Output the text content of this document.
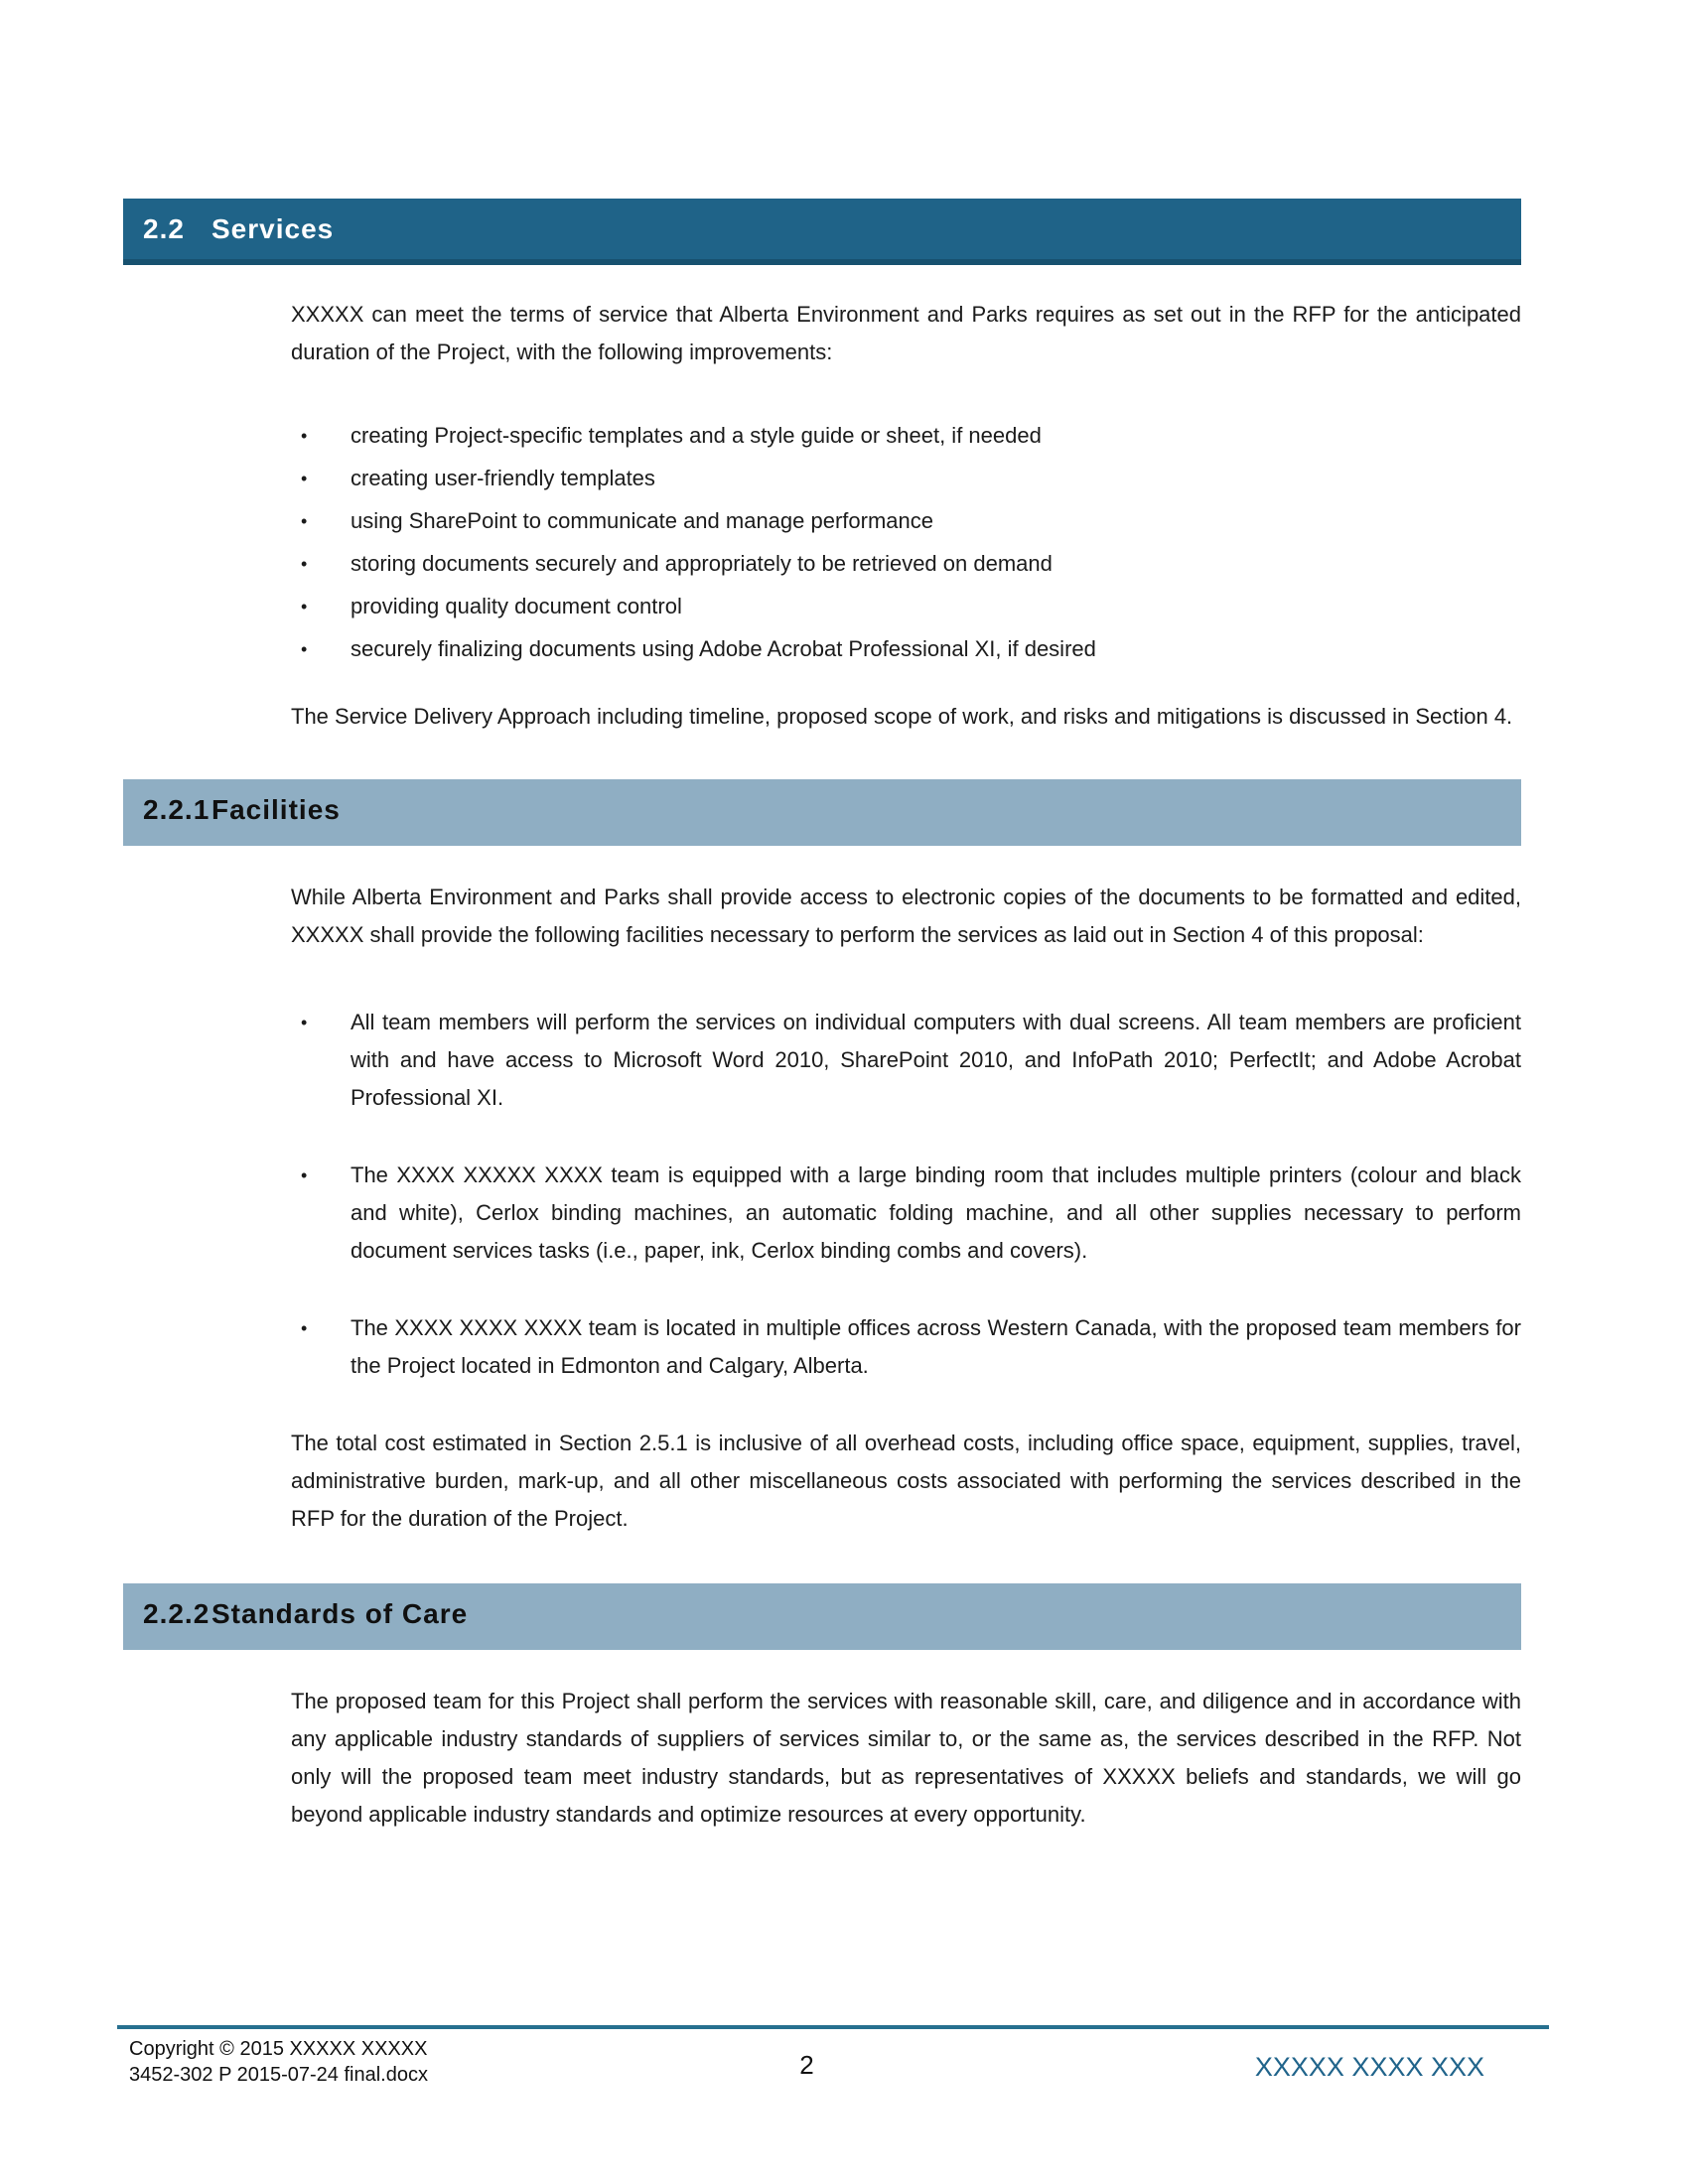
2.2 Services
XXXXX can meet the terms of service that Alberta Environment and Parks requires as set out in the RFP for the anticipated duration of the Project, with the following improvements:
•	creating Project-specific templates and a style guide or sheet, if needed
•	creating user-friendly templates
•	using SharePoint to communicate and manage performance
•	storing documents securely and appropriately to be retrieved on demand
•	providing quality document control
•	securely finalizing documents using Adobe Acrobat Professional XI, if desired
The Service Delivery Approach including timeline, proposed scope of work, and risks and mitigations is discussed in Section 4.
2.2.1 Facilities
While Alberta Environment and Parks shall provide access to electronic copies of the documents to be formatted and edited, XXXXX shall provide the following facilities necessary to perform the services as laid out in Section 4 of this proposal:
•	All team members will perform the services on individual computers with dual screens. All team members are proficient with and have access to Microsoft Word 2010, SharePoint 2010, and InfoPath 2010; PerfectIt; and Adobe Acrobat Professional XI.
•	The XXXX XXXXX XXXX team is equipped with a large binding room that includes multiple printers (colour and black and white), Cerlox binding machines, an automatic folding machine, and all other supplies necessary to perform document services tasks (i.e., paper, ink, Cerlox binding combs and covers).
•	The XXXX XXXX XXXX team is located in multiple offices across Western Canada, with the proposed team members for the Project located in Edmonton and Calgary, Alberta.
The total cost estimated in Section 2.5.1 is inclusive of all overhead costs, including office space, equipment, supplies, travel, administrative burden, mark-up, and all other miscellaneous costs associated with performing the services described in the RFP for the duration of the Project.
2.2.2 Standards of Care
The proposed team for this Project shall perform the services with reasonable skill, care, and diligence and in accordance with any applicable industry standards of suppliers of services similar to, or the same as, the services described in the RFP. Not only will the proposed team meet industry standards, but as representatives of XXXXX beliefs and standards, we will go beyond applicable industry standards and optimize resources at every opportunity.
Copyright © 2015 XXXXX XXXXX
3452-302 P 2015-07-24 final.docx	2	XXXXX XXXX XXX
